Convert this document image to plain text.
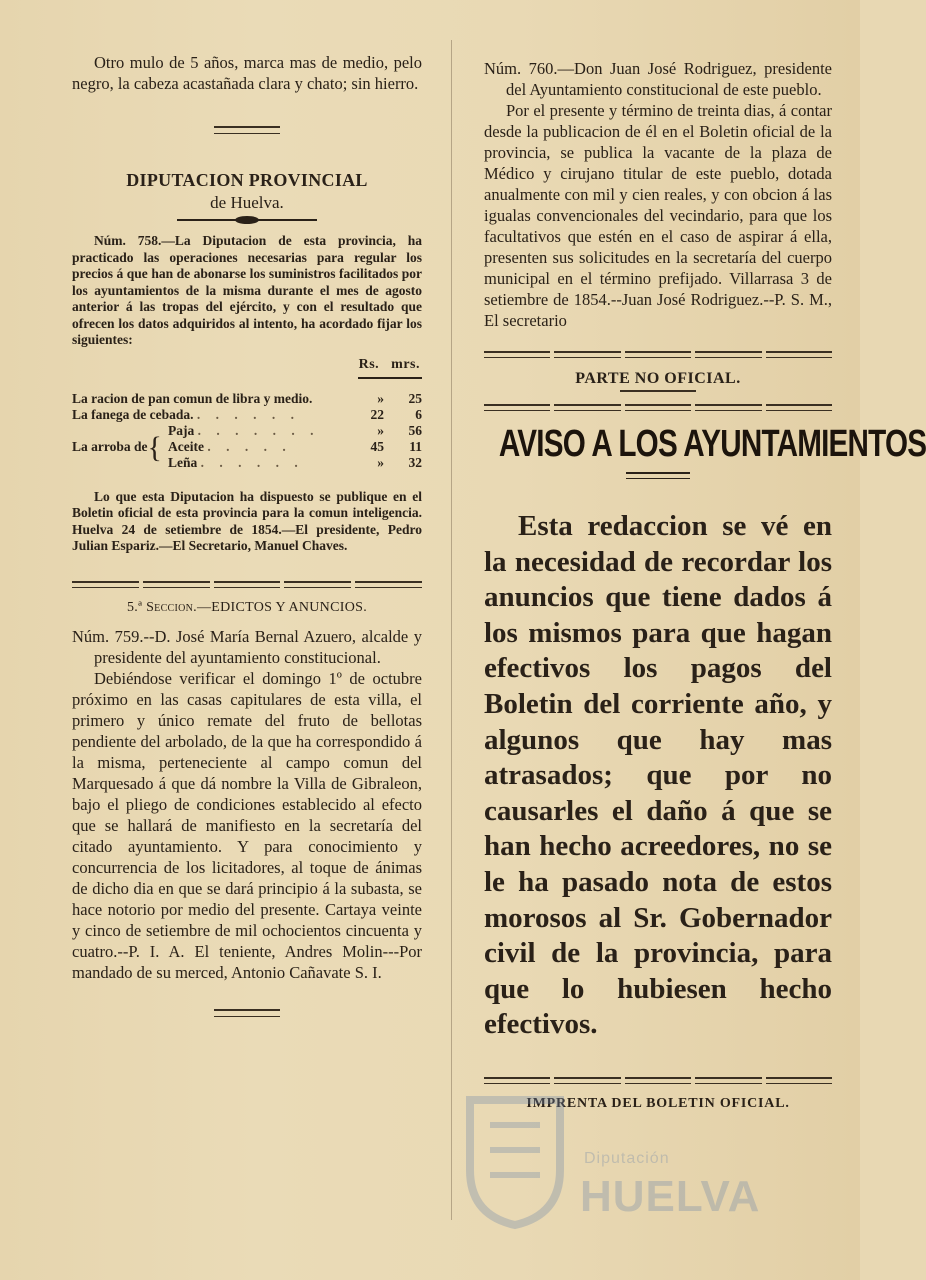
Otro mulo de 5 años, marca mas de medio, pelo negro, la cabeza acastañada clara y chato; sin hierro.

DIPUTACION PROVINCIAL
de Huelva.

Núm. 758.—La Diputacion de esta provincia, ha practicado las operaciones necesarias para regular los precios á que han de abonarse los suministros facilitados por los ayuntamientos de la misma durante el mes de agosto anterior á las tropas del ejército, y con el resultado que ofrecen los datos adquiridos al intento, ha acordado fijar los siguientes:

Rs. mrs.
La racion de pan comun de libra y medio.		»	25
La fanega de cebada. . . . . . .		22	6
La arroba de{	Paja . . . . . . .	»	56
	Aceite . . . . .	45	11
	Leña . . . . . .	»	32

Lo que esta Diputacion ha dispuesto se publique en el Boletin oficial de esta provincia para la comun inteligencia. Huelva 24 de setiembre de 1854.—El presidente, Pedro Julian Espariz.—El Secretario, Manuel Chaves.

5.ª Seccion.—EDICTOS Y ANUNCIOS.

Núm. 759.--D. José María Bernal Azuero, alcalde y presidente del ayuntamiento constitucional.

Debiéndose verificar el domingo 1º de octubre próximo en las casas capitulares de esta villa, el primero y único remate del fruto de bellotas pendiente del arbolado, de la que ha correspondido á la misma, perteneciente al campo comun del Marquesado á que dá nombre la Villa de Gibraleon, bajo el pliego de condiciones establecido al efecto que se hallará de manifiesto en la secretaría del citado ayuntamiento. Y para conocimiento y concurrencia de los licitadores, al toque de ánimas de dicho dia en que se dará principio á la subasta, se hace notorio por medio del presente. Cartaya veinte y cinco de setiembre de mil ochocientos cincuenta y cuatro.--P. I. A. El teniente, Andres Molin---Por mandado de su merced, Antonio Cañavate S. I.

Núm. 760.—Don Juan José Rodriguez, presidente del Ayuntamiento constitucional de este pueblo.

Por el presente y término de treinta dias, á contar desde la publicacion de él en el Boletin oficial de la provincia, se publica la vacante de la plaza de Médico y cirujano titular de este pueblo, dotada anualmente con mil y cien reales, y con obcion á las igualas convencionales del vecindario, para que los facultativos que estén en el caso de aspirar á ella, presenten sus solicitudes en la secretaría del cuerpo municipal en el término prefijado. Villarrasa 3 de setiembre de 1854.--Juan José Rodriguez.--P. S. M., El secretario

PARTE NO OFICIAL.
AVISO A LOS AYUNTAMIENTOS

Esta redaccion se vé en la necesidad de recordar los anuncios que tiene dados á los mismos para que hagan efectivos los pagos del Boletin del corriente año, y algunos que hay mas atrasados; que por no causarles el daño á que se han hecho acreedores, no se le ha pasado nota de estos morosos al Sr. Gobernador civil de la provincia, para que lo hubiesen hecho efectivos.

IMPRENTA DEL BOLETIN OFICIAL.
Diputación
HUELVA
